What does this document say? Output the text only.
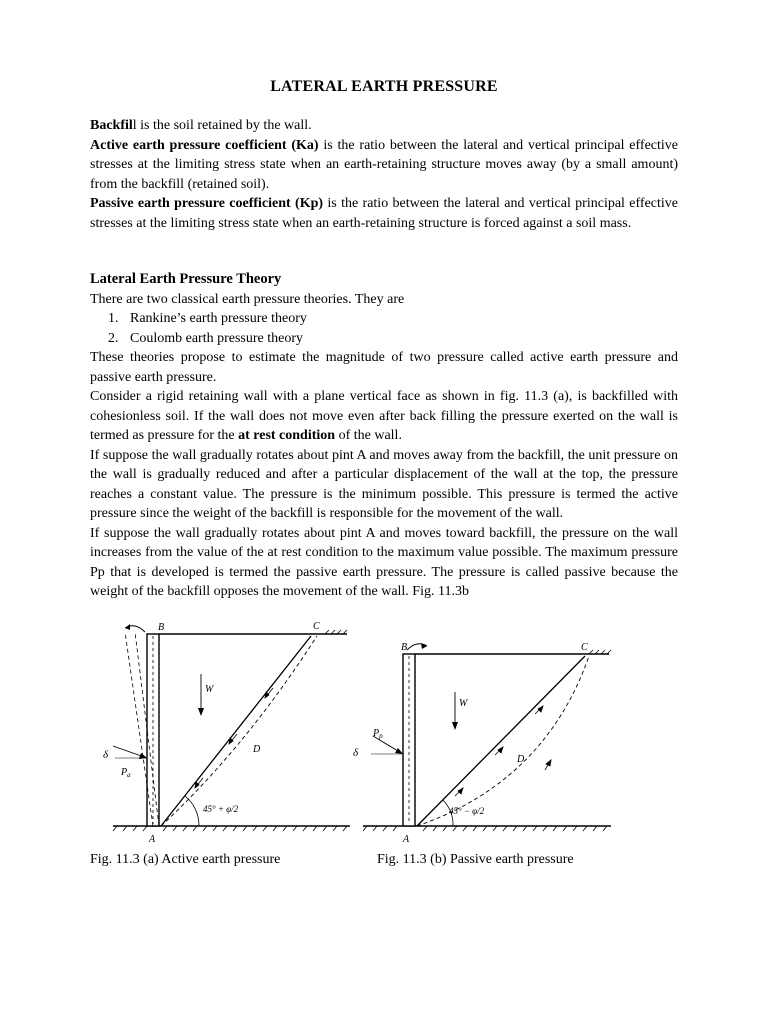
LATERAL EARTH PRESSURE

Backfill is the soil retained by the wall.

Active earth pressure coefficient (Ka) is the ratio between the lateral and vertical principal effective stresses at the limiting stress state when an earth-retaining structure moves away (by a small amount) from the backfill (retained soil).

Passive earth pressure coefficient (Kp) is the ratio between the lateral and vertical principal effective stresses at the limiting stress state when an earth-retaining structure is forced against a soil mass.

Lateral Earth Pressure Theory

There are two classical earth pressure theories. They are

1. Rankine’s earth pressure theory
2. Coulomb earth pressure theory

These theories propose to estimate the magnitude of two pressure called active earth pressure and passive earth pressure.

Consider a rigid retaining wall with a plane vertical face as shown in fig. 11.3 (a), is backfilled with cohesionless soil. If the wall does not move even after back filling the pressure exerted on the wall is termed as pressure for the at rest condition of the wall.

If suppose the wall gradually rotates about pint A and moves away from the backfill, the unit pressure on the wall is gradually reduced and after a particular displacement of the wall at the top, the pressure reaches a constant value. The pressure is the minimum possible. This pressure is termed the active pressure since the weight of the backfill is responsible for the movement of the wall.

If suppose the wall gradually rotates about pint A and moves toward backfill, the pressure on the wall increases from the value of the at rest condition to the maximum value possible. The maximum pressure Pp that is developed is termed the passive earth pressure. The pressure is called passive because the weight of the backfill opposes the movement of the wall. Fig. 11.3b

B	C
W
D
A
δ
$P_a$
45° + φ/2
B	C
W
D
A
δ
$P_p$
45° − φ/2
Fig. 11.3 (a) Active earth pressure	Fig. 11.3 (b) Passive earth pressure
